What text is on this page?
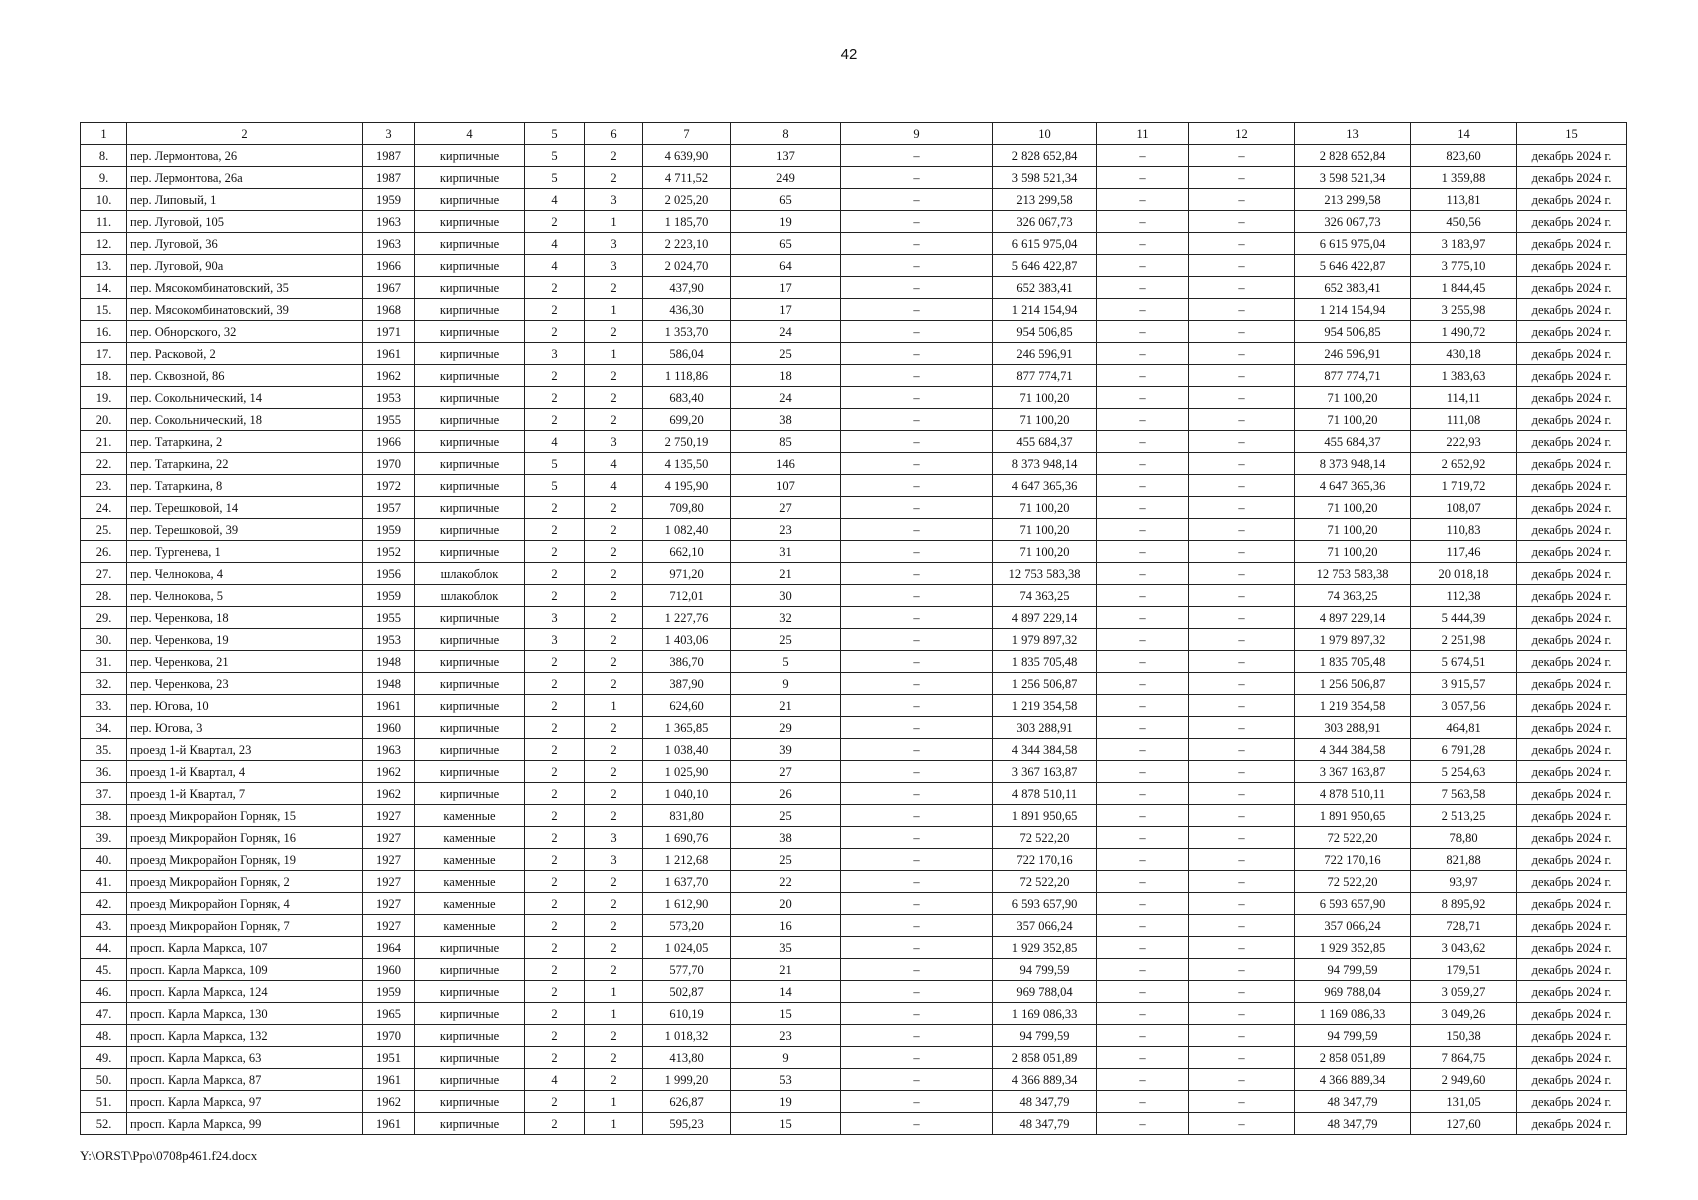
42
1	2	3	4	5	6	7	8	9	10	11	12	13	14	15
8.	пер. Лермонтова, 26	1987	кирпичные	5	2	4 639,90	137	–	2 828 652,84	–	–	2 828 652,84	823,60	декабрь 2024 г.
9.	пер. Лермонтова, 26а	1987	кирпичные	5	2	4 711,52	249	–	3 598 521,34	–	–	3 598 521,34	1 359,88	декабрь 2024 г.
10.	пер. Липовый, 1	1959	кирпичные	4	3	2 025,20	65	–	213 299,58	–	–	213 299,58	113,81	декабрь 2024 г.
11.	пер. Луговой, 105	1963	кирпичные	2	1	1 185,70	19	–	326 067,73	–	–	326 067,73	450,56	декабрь 2024 г.
12.	пер. Луговой, 36	1963	кирпичные	4	3	2 223,10	65	–	6 615 975,04	–	–	6 615 975,04	3 183,97	декабрь 2024 г.
13.	пер. Луговой, 90а	1966	кирпичные	4	3	2 024,70	64	–	5 646 422,87	–	–	5 646 422,87	3 775,10	декабрь 2024 г.
14.	пер. Мясокомбинатовский, 35	1967	кирпичные	2	2	437,90	17	–	652 383,41	–	–	652 383,41	1 844,45	декабрь 2024 г.
15.	пер. Мясокомбинатовский, 39	1968	кирпичные	2	1	436,30	17	–	1 214 154,94	–	–	1 214 154,94	3 255,98	декабрь 2024 г.
16.	пер. Обнорского, 32	1971	кирпичные	2	2	1 353,70	24	–	954 506,85	–	–	954 506,85	1 490,72	декабрь 2024 г.
17.	пер. Расковой, 2	1961	кирпичные	3	1	586,04	25	–	246 596,91	–	–	246 596,91	430,18	декабрь 2024 г.
18.	пер. Сквозной, 86	1962	кирпичные	2	2	1 118,86	18	–	877 774,71	–	–	877 774,71	1 383,63	декабрь 2024 г.
19.	пер. Сокольнический, 14	1953	кирпичные	2	2	683,40	24	–	71 100,20	–	–	71 100,20	114,11	декабрь 2024 г.
20.	пер. Сокольнический, 18	1955	кирпичные	2	2	699,20	38	–	71 100,20	–	–	71 100,20	111,08	декабрь 2024 г.
21.	пер. Татаркина, 2	1966	кирпичные	4	3	2 750,19	85	–	455 684,37	–	–	455 684,37	222,93	декабрь 2024 г.
22.	пер. Татаркина, 22	1970	кирпичные	5	4	4 135,50	146	–	8 373 948,14	–	–	8 373 948,14	2 652,92	декабрь 2024 г.
23.	пер. Татаркина, 8	1972	кирпичные	5	4	4 195,90	107	–	4 647 365,36	–	–	4 647 365,36	1 719,72	декабрь 2024 г.
24.	пер. Терешковой, 14	1957	кирпичные	2	2	709,80	27	–	71 100,20	–	–	71 100,20	108,07	декабрь 2024 г.
25.	пер. Терешковой, 39	1959	кирпичные	2	2	1 082,40	23	–	71 100,20	–	–	71 100,20	110,83	декабрь 2024 г.
26.	пер. Тургенева, 1	1952	кирпичные	2	2	662,10	31	–	71 100,20	–	–	71 100,20	117,46	декабрь 2024 г.
27.	пер. Челнокова, 4	1956	шлакоблок	2	2	971,20	21	–	12 753 583,38	–	–	12 753 583,38	20 018,18	декабрь 2024 г.
28.	пер. Челнокова, 5	1959	шлакоблок	2	2	712,01	30	–	74 363,25	–	–	74 363,25	112,38	декабрь 2024 г.
29.	пер. Черенкова, 18	1955	кирпичные	3	2	1 227,76	32	–	4 897 229,14	–	–	4 897 229,14	5 444,39	декабрь 2024 г.
30.	пер. Черенкова, 19	1953	кирпичные	3	2	1 403,06	25	–	1 979 897,32	–	–	1 979 897,32	2 251,98	декабрь 2024 г.
31.	пер. Черенкова, 21	1948	кирпичные	2	2	386,70	5	–	1 835 705,48	–	–	1 835 705,48	5 674,51	декабрь 2024 г.
32.	пер. Черенкова, 23	1948	кирпичные	2	2	387,90	9	–	1 256 506,87	–	–	1 256 506,87	3 915,57	декабрь 2024 г.
33.	пер. Югова, 10	1961	кирпичные	2	1	624,60	21	–	1 219 354,58	–	–	1 219 354,58	3 057,56	декабрь 2024 г.
34.	пер. Югова, 3	1960	кирпичные	2	2	1 365,85	29	–	303 288,91	–	–	303 288,91	464,81	декабрь 2024 г.
35.	проезд 1-й Квартал, 23	1963	кирпичные	2	2	1 038,40	39	–	4 344 384,58	–	–	4 344 384,58	6 791,28	декабрь 2024 г.
36.	проезд 1-й Квартал, 4	1962	кирпичные	2	2	1 025,90	27	–	3 367 163,87	–	–	3 367 163,87	5 254,63	декабрь 2024 г.
37.	проезд 1-й Квартал, 7	1962	кирпичные	2	2	1 040,10	26	–	4 878 510,11	–	–	4 878 510,11	7 563,58	декабрь 2024 г.
38.	проезд Микрорайон Горняк, 15	1927	каменные	2	2	831,80	25	–	1 891 950,65	–	–	1 891 950,65	2 513,25	декабрь 2024 г.
39.	проезд Микрорайон Горняк, 16	1927	каменные	2	3	1 690,76	38	–	72 522,20	–	–	72 522,20	78,80	декабрь 2024 г.
40.	проезд Микрорайон Горняк, 19	1927	каменные	2	3	1 212,68	25	–	722 170,16	–	–	722 170,16	821,88	декабрь 2024 г.
41.	проезд Микрорайон Горняк, 2	1927	каменные	2	2	1 637,70	22	–	72 522,20	–	–	72 522,20	93,97	декабрь 2024 г.
42.	проезд Микрорайон Горняк, 4	1927	каменные	2	2	1 612,90	20	–	6 593 657,90	–	–	6 593 657,90	8 895,92	декабрь 2024 г.
43.	проезд Микрорайон Горняк, 7	1927	каменные	2	2	573,20	16	–	357 066,24	–	–	357 066,24	728,71	декабрь 2024 г.
44.	просп. Карла Маркса, 107	1964	кирпичные	2	2	1 024,05	35	–	1 929 352,85	–	–	1 929 352,85	3 043,62	декабрь 2024 г.
45.	просп. Карла Маркса, 109	1960	кирпичные	2	2	577,70	21	–	94 799,59	–	–	94 799,59	179,51	декабрь 2024 г.
46.	просп. Карла Маркса, 124	1959	кирпичные	2	1	502,87	14	–	969 788,04	–	–	969 788,04	3 059,27	декабрь 2024 г.
47.	просп. Карла Маркса, 130	1965	кирпичные	2	1	610,19	15	–	1 169 086,33	–	–	1 169 086,33	3 049,26	декабрь 2024 г.
48.	просп. Карла Маркса, 132	1970	кирпичные	2	2	1 018,32	23	–	94 799,59	–	–	94 799,59	150,38	декабрь 2024 г.
49.	просп. Карла Маркса, 63	1951	кирпичные	2	2	413,80	9	–	2 858 051,89	–	–	2 858 051,89	7 864,75	декабрь 2024 г.
50.	просп. Карла Маркса, 87	1961	кирпичные	4	2	1 999,20	53	–	4 366 889,34	–	–	4 366 889,34	2 949,60	декабрь 2024 г.
51.	просп. Карла Маркса, 97	1962	кирпичные	2	1	626,87	19	–	48 347,79	–	–	48 347,79	131,05	декабрь 2024 г.
52.	просп. Карла Маркса, 99	1961	кирпичные	2	1	595,23	15	–	48 347,79	–	–	48 347,79	127,60	декабрь 2024 г.
Y:\ORST\Ppo\0708p461.f24.docx
